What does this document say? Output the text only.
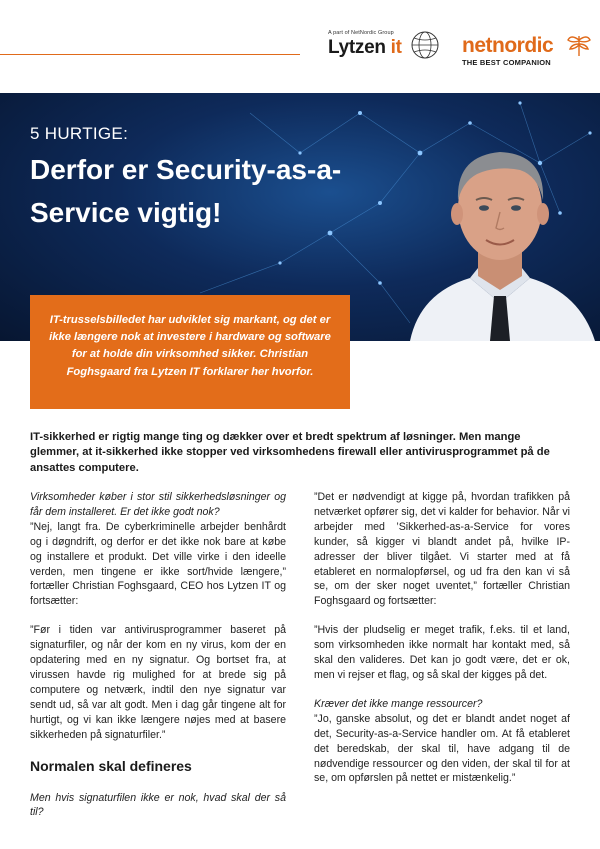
A part of NetNordic Group
Lytzen it	netnordic
THE BEST COMPANION
5 HURTIGE:
Derfor er Security-as-a-Service vigtig!

IT-trusselsbilledet har udviklet sig markant, og det er ikke længere nok at investere i hardware og software for at holde din virksomhed sikker. Christian Foghsgaard fra Lytzen IT forklarer her hvorfor.

IT-sikkerhed er rigtig mange ting og dækker over et bredt spektrum af løsninger. Men mange glemmer, at it-sikkerhed ikke stopper ved virksomhedens firewall eller antivirusprogrammet på de ansattes computere.

Virksomheder køber i stor stil sikkerhedsløsninger og får dem installeret. Er det ikke godt nok?

”Nej, langt fra. De cyberkriminelle arbejder benhårdt og i døgndrift, og derfor er det ikke nok bare at købe og installere et produkt. Det ville virke i den ideelle verden, men tingene er ikke sort/hvide længere,” fortæller Christian Foghsgaard, CEO hos Lytzen IT og fortsætter:

”Før i tiden var antivirusprogrammer baseret på signaturfiler, og når der kom en ny virus, kom der en opdatering med en ny signatur. Og bortset fra, at virussen havde rig mulighed for at brede sig på computere og netværk, indtil den nye signatur var sendt ud, så var alt godt. Men i dag går tingene alt for hurtigt, og vi kan ikke længere nøjes med at basere sikkerheden på signaturfiler.”

Normalen skal defineres

Men hvis signaturfilen ikke er nok, hvad skal der så til?

”Det er nødvendigt at kigge på, hvordan trafikken på netværket opfører sig, det vi kalder for behavior. Når vi arbejder med ’Sikkerhed-as-a-Service for vores kunder, så kigger vi blandt andet på, hvilke IP-adresser der bliver tilgået. Vi starter med at få etableret en normalopførsel, og ud fra den kan vi så se, om der sker noget uventet,” fortæller Christian Foghsgaard og fortsætter:

”Hvis der pludselig er meget trafik, f.eks. til et land, som virksomheden ikke normalt har kontakt med, så skal den valideres. Det kan jo godt være, det er ok, men vi rejser et flag, og så skal der kigges på det.

Kræver det ikke mange ressourcer?

”Jo, ganske absolut, og det er blandt andet noget af det, Security-as-a-Service handler om. At få etableret det beredskab, der skal til, have adgang til de nødvendige ressourcer og den viden, der skal til for at se, om opførslen på nettet er mistænkelig.”
